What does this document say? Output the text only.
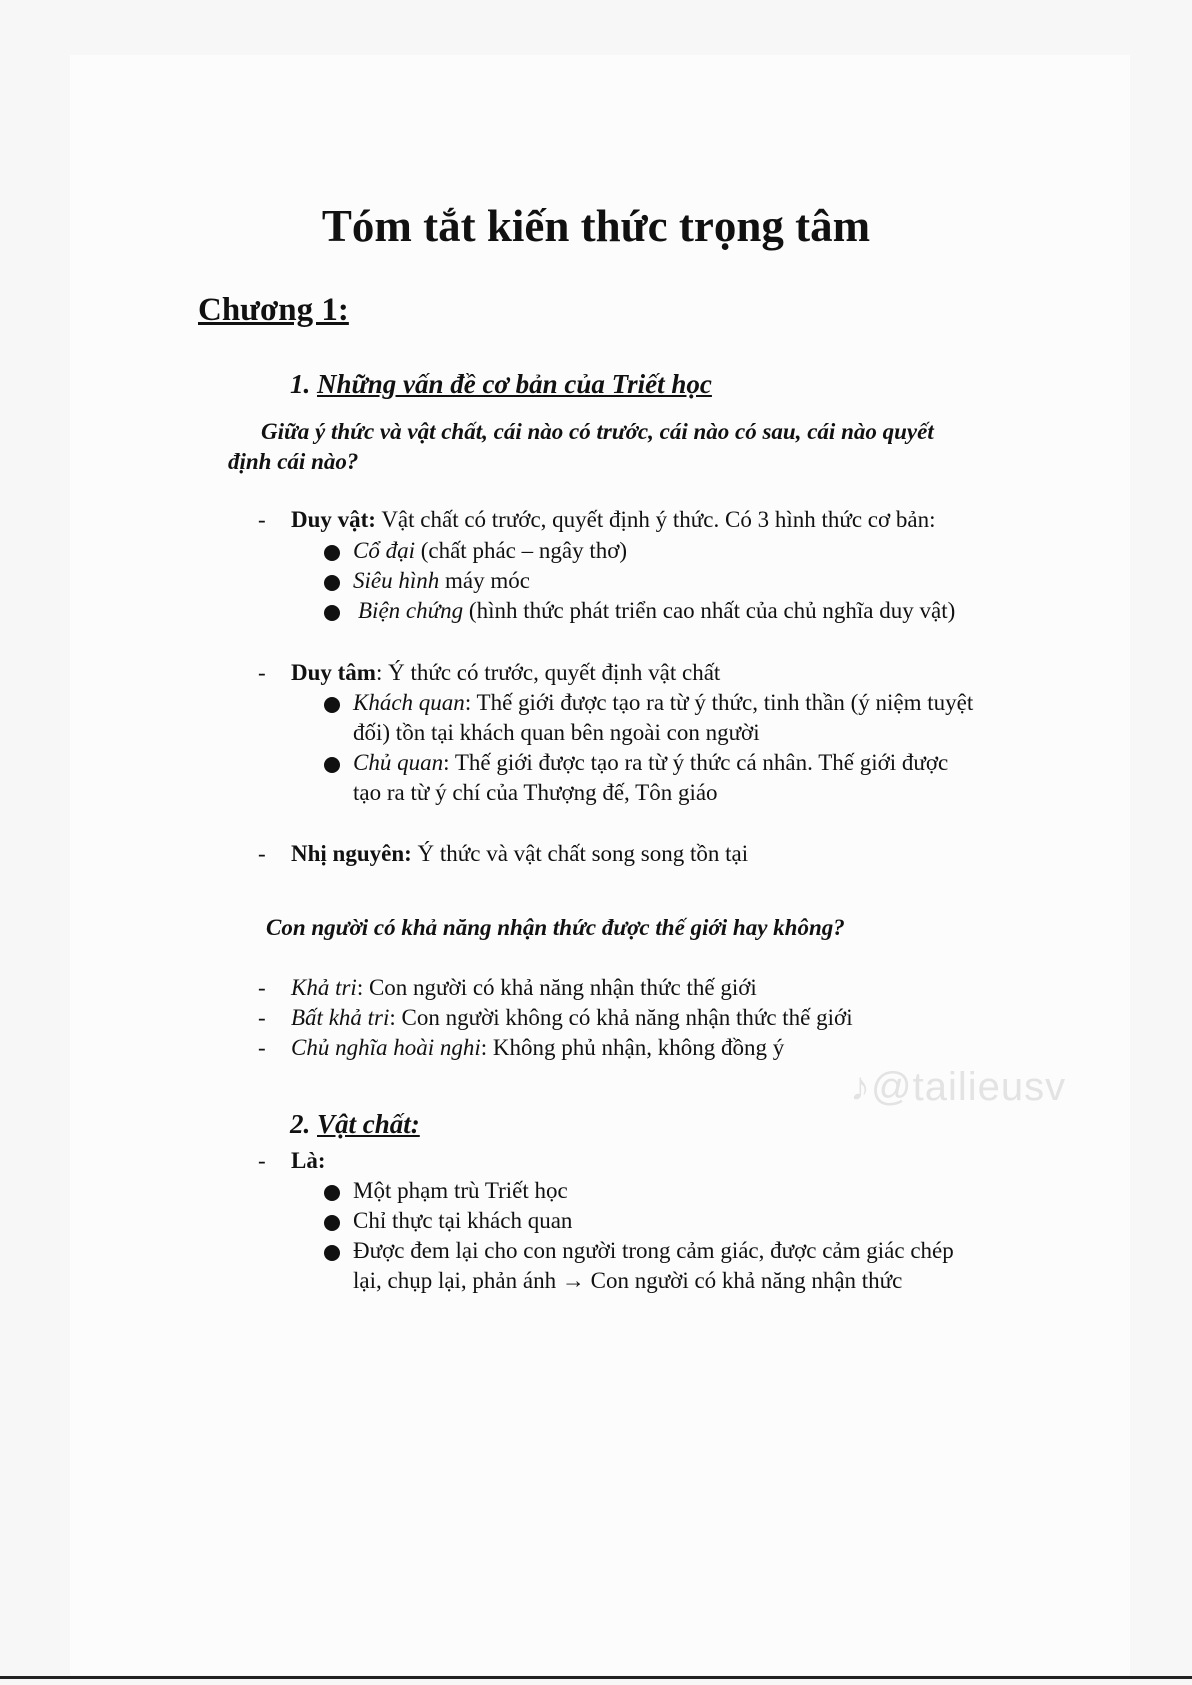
Tóm tắt kiến thức trọng tâm
Chương 1:
1. Những vấn đề cơ bản của Triết học
Giữa ý thức và vật chất, cái nào có trước, cái nào có sau, cái nào quyết
định cái nào?
- Duy vật: Vật chất có trước, quyết định ý thức. Có 3 hình thức cơ bản:
Cổ đại (chất phác – ngây thơ)
Siêu hình máy móc
Biện chứng (hình thức phát triển cao nhất của chủ nghĩa duy vật)
- Duy tâm: Ý thức có trước, quyết định vật chất
Khách quan: Thế giới được tạo ra từ ý thức, tinh thần (ý niệm tuyệt
đối) tồn tại khách quan bên ngoài con người
Chủ quan: Thế giới được tạo ra từ ý thức cá nhân. Thế giới được
tạo ra từ ý chí của Thượng đế, Tôn giáo
- Nhị nguyên: Ý thức và vật chất song song tồn tại
Con người có khả năng nhận thức được thế giới hay không?
- Khả tri: Con người có khả năng nhận thức thế giới
- Bất khả tri: Con người không có khả năng nhận thức thế giới
- Chủ nghĩa hoài nghi: Không phủ nhận, không đồng ý
♪@tailieusv
2. Vật chất:
- Là:
Một phạm trù Triết học
Chỉ thực tại khách quan
Được đem lại cho con người trong cảm giác, được cảm giác chép
lại, chụp lại, phản ánh → Con người có khả năng nhận thức
